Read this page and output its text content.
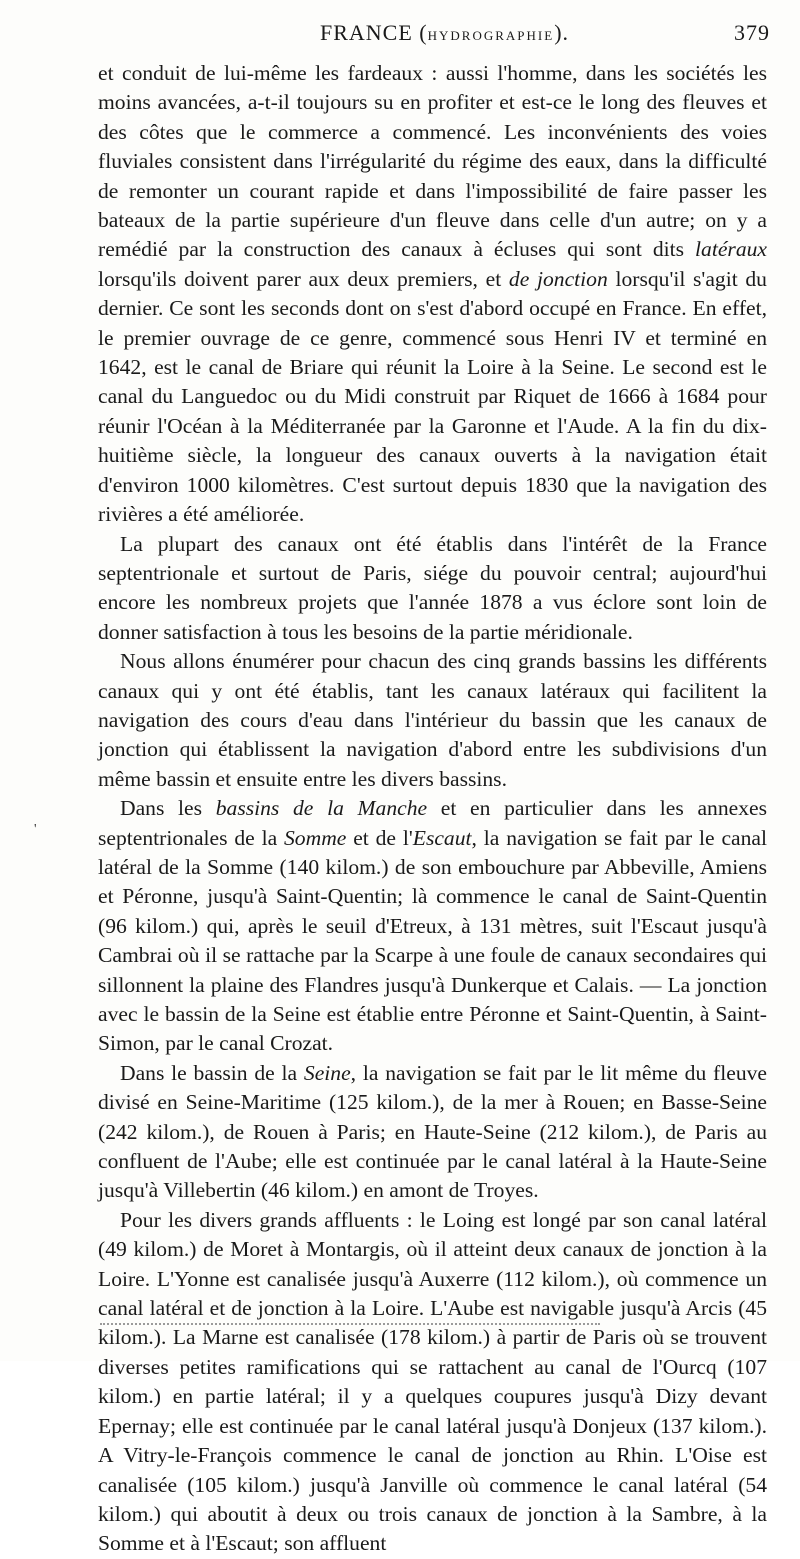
FRANCE (hydrographie).	379
'

et conduit de lui-même les fardeaux : aussi l'homme, dans les sociétés les moins avancées, a-t-il toujours su en profiter et est-ce le long des fleuves et des côtes que le commerce a commencé. Les inconvénients des voies fluviales consistent dans l'irrégularité du régime des eaux, dans la difficulté de remonter un courant rapide et dans l'impossibilité de faire passer les bateaux de la partie supérieure d'un fleuve dans celle d'un autre; on y a remédié par la construction des canaux à écluses qui sont dits latéraux lorsqu'ils doivent parer aux deux premiers, et de jonction lorsqu'il s'agit du dernier. Ce sont les seconds dont on s'est d'abord occupé en France. En effet, le premier ouvrage de ce genre, commencé sous Henri IV et terminé en 1642, est le canal de Briare qui réunit la Loire à la Seine. Le second est le canal du Languedoc ou du Midi construit par Riquet de 1666 à 1684 pour réunir l'Océan à la Méditerranée par la Garonne et l'Aude. A la fin du dix-huitième siècle, la longueur des canaux ouverts à la navigation était d'environ 1000 kilomètres. C'est surtout depuis 1830 que la navigation des rivières a été améliorée.

La plupart des canaux ont été établis dans l'intérêt de la France septentrionale et surtout de Paris, siége du pouvoir central; aujourd'hui encore les nombreux projets que l'année 1878 a vus éclore sont loin de donner satisfaction à tous les besoins de la partie méridionale.

Nous allons énumérer pour chacun des cinq grands bassins les différents canaux qui y ont été établis, tant les canaux latéraux qui facilitent la navigation des cours d'eau dans l'intérieur du bassin que les canaux de jonction qui établissent la navigation d'abord entre les subdivisions d'un même bassin et ensuite entre les divers bassins.

Dans les bassins de la Manche et en particulier dans les annexes septentrionales de la Somme et de l'Escaut, la navigation se fait par le canal latéral de la Somme (140 kilom.) de son embouchure par Abbeville, Amiens et Péronne, jusqu'à Saint-Quentin; là commence le canal de Saint-Quentin (96 kilom.) qui, après le seuil d'Etreux, à 131 mètres, suit l'Escaut jusqu'à Cambrai où il se rattache par la Scarpe à une foule de canaux secondaires qui sillonnent la plaine des Flandres jusqu'à Dunkerque et Calais. — La jonction avec le bassin de la Seine est établie entre Péronne et Saint-Quentin, à Saint-Simon, par le canal Crozat.

Dans le bassin de la Seine, la navigation se fait par le lit même du fleuve divisé en Seine-Maritime (125 kilom.), de la mer à Rouen; en Basse-Seine (242 kilom.), de Rouen à Paris; en Haute-Seine (212 kilom.), de Paris au confluent de l'Aube; elle est continuée par le canal latéral à la Haute-Seine jusqu'à Villebertin (46 kilom.) en amont de Troyes.

Pour les divers grands affluents : le Loing est longé par son canal latéral (49 kilom.) de Moret à Montargis, où il atteint deux canaux de jonction à la Loire. L'Yonne est canalisée jusqu'à Auxerre (112 kilom.), où commence un canal latéral et de jonction à la Loire. L'Aube est navigable jusqu'à Arcis (45 kilom.). La Marne est canalisée (178 kilom.) à partir de Paris où se trouvent diverses petites ramifications qui se rattachent au canal de l'Ourcq (107 kilom.) en partie latéral; il y a quelques coupures jusqu'à Dizy devant Epernay; elle est continuée par le canal latéral jusqu'à Donjeux (137 kilom.). A Vitry-le-François commence le canal de jonction au Rhin. L'Oise est canalisée (105 kilom.) jusqu'à Janville où commence le canal latéral (54 kilom.) qui aboutit à deux ou trois canaux de jonction à la Sambre, à la Somme et à l'Escaut; son affluent
